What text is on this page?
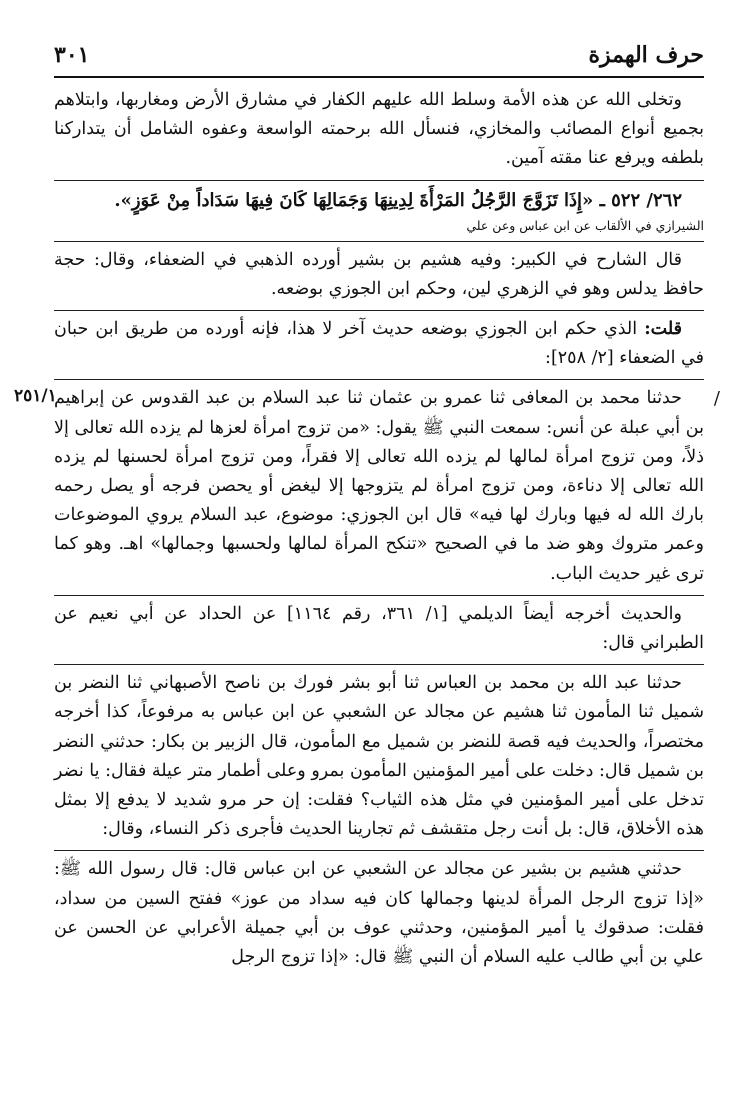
حرف الهمزة
٣٠١

وتخلى الله عن هذه الأمة وسلط الله عليهم الكفار في مشارق الأرض ومغاربها، وابتلاهم بجميع أنواع المصائب والمخازي، فنسأل الله برحمته الواسعة وعفوه الشامل أن يتداركنا بلطفه ويرفع عنا مقته آمين.

٢٦٢/ ٥٢٢ ـ «إِذَا تَزَوَّجَ الرَّجُلُ المَرْأَةَ لِدِينِهَا وَجَمَالِهَا كَانَ فِيهَا سَدَاداً مِنْ عَوَزٍ».

الشيرازي في الألقاب عن ابن عباس وعن علي

قال الشارح في الكبير: وفيه هشيم بن بشير أورده الذهبي في الضعفاء، وقال: حجة حافظ يدلس وهو في الزهري لين، وحكم ابن الجوزي بوضعه.

قلت: الذي حكم ابن الجوزي بوضعه حديث آخر لا هذا، فإنه أورده من طريق ابن حبان في الضعفاء [٢/ ٢٥٨]:

/

حدثنا محمد بن المعافى ثنا عمرو بن عثمان ثنا عبد السلام بن عبد القدوس عن إبراهيم بن أبي عبلة عن أنس: سمعت النبي ﷺ يقول: «من تزوج امرأة لعزها لم يزده الله تعالى إلا ذلاً، ومن تزوج امرأة لمالها لم يزده الله تعالى إلا فقراً، ومن تزوج امرأة لحسنها لم يزده الله تعالى إلا دناءة، ومن تزوج امرأة لم يتزوجها إلا ليغض أو يحصن فرجه أو يصل رحمه بارك الله له فيها وبارك لها فيه» قال ابن الجوزي: موضوع، عبد السلام يروي الموضوعات وعمر متروك وهو ضد ما في الصحيح «تنكح المرأة لمالها ولحسبها وجمالها» اهـ. وهو كما ترى غير حديث الباب.

والحديث أخرجه أيضاً الديلمي [١/ ٣٦١، رقم ١١٦٤] عن الحداد عن أبي نعيم عن الطبراني قال:

حدثنا عبد الله بن محمد بن العباس ثنا أبو بشر فورك بن ناصح الأصبهاني ثنا النضر بن شميل ثنا المأمون ثنا هشيم عن مجالد عن الشعبي عن ابن عباس به مرفوعاً، كذا أخرجه مختصراً، والحديث فيه قصة للنضر بن شميل مع المأمون، قال الزبير بن بكار: حدثني النضر بن شميل قال: دخلت على أمير المؤمنين المأمون بمرو وعلى أطمار متر عيلة فقال: يا نضر تدخل على أمير المؤمنين في مثل هذه الثياب؟ فقلت: إن حر مرو شديد لا يدفع إلا بمثل هذه الأخلاق، قال: بل أنت رجل متقشف ثم تجارينا الحديث فأجرى ذكر النساء، وقال:

حدثني هشيم بن بشير عن مجالد عن الشعبي عن ابن عباس قال: قال رسول الله ﷺ: «إذا تزوج الرجل المرأة لدينها وجمالها كان فيه سداد من عوز» ففتح السين من سداد، فقلت: صدقوك يا أمير المؤمنين، وحدثني عوف بن أبي جميلة الأعرابي عن الحسن عن علي بن أبي طالب عليه السلام أن النبي ﷺ قال: «إذا تزوج الرجل

٢٥١/١
